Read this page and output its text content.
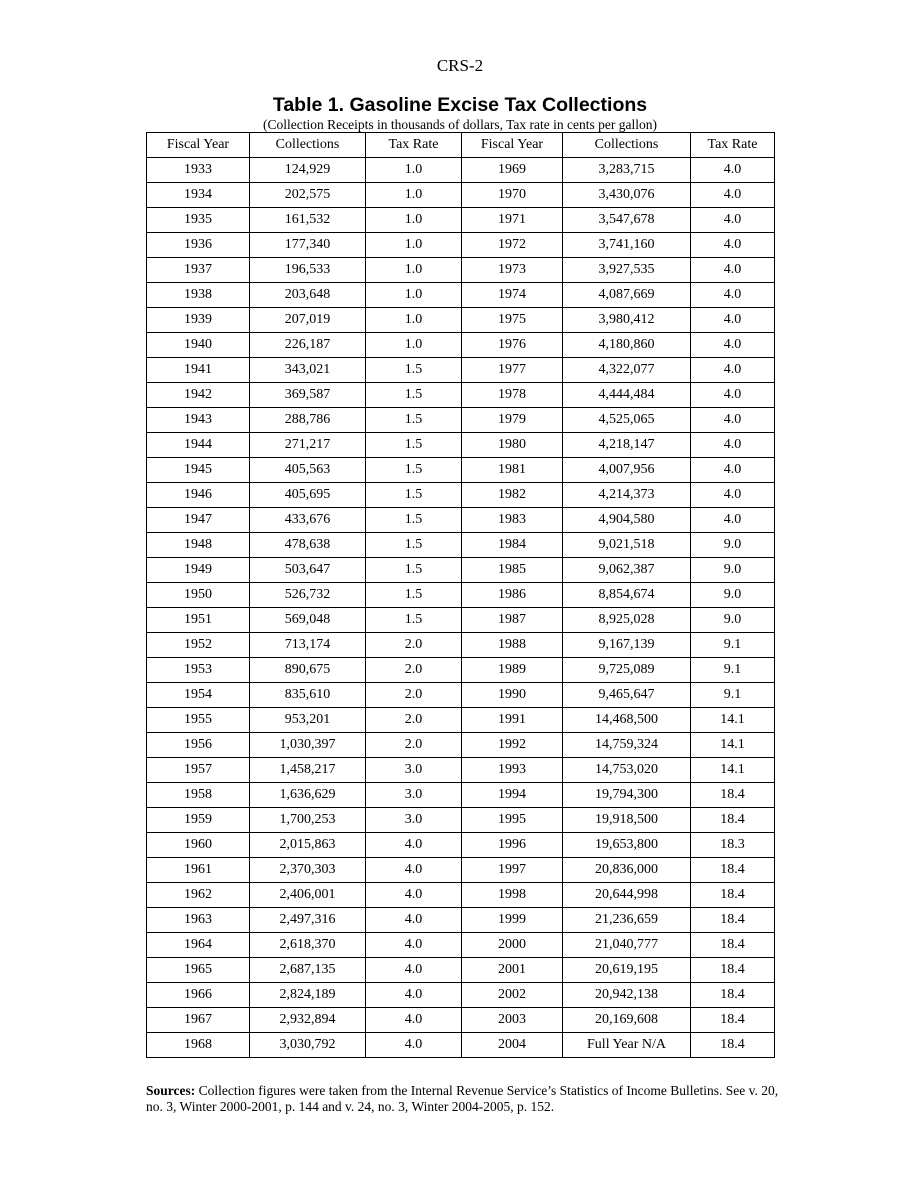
CRS-2
Table 1. Gasoline Excise Tax Collections
(Collection Receipts in thousands of dollars, Tax rate in cents per gallon)
Fiscal Year	Collections	Tax Rate	Fiscal Year	Collections	Tax Rate
1933	124,929	1.0	1969	3,283,715	4.0
1934	202,575	1.0	1970	3,430,076	4.0
1935	161,532	1.0	1971	3,547,678	4.0
1936	177,340	1.0	1972	3,741,160	4.0
1937	196,533	1.0	1973	3,927,535	4.0
1938	203,648	1.0	1974	4,087,669	4.0
1939	207,019	1.0	1975	3,980,412	4.0
1940	226,187	1.0	1976	4,180,860	4.0
1941	343,021	1.5	1977	4,322,077	4.0
1942	369,587	1.5	1978	4,444,484	4.0
1943	288,786	1.5	1979	4,525,065	4.0
1944	271,217	1.5	1980	4,218,147	4.0
1945	405,563	1.5	1981	4,007,956	4.0
1946	405,695	1.5	1982	4,214,373	4.0
1947	433,676	1.5	1983	4,904,580	4.0
1948	478,638	1.5	1984	9,021,518	9.0
1949	503,647	1.5	1985	9,062,387	9.0
1950	526,732	1.5	1986	8,854,674	9.0
1951	569,048	1.5	1987	8,925,028	9.0
1952	713,174	2.0	1988	9,167,139	9.1
1953	890,675	2.0	1989	9,725,089	9.1
1954	835,610	2.0	1990	9,465,647	9.1
1955	953,201	2.0	1991	14,468,500	14.1
1956	1,030,397	2.0	1992	14,759,324	14.1
1957	1,458,217	3.0	1993	14,753,020	14.1
1958	1,636,629	3.0	1994	19,794,300	18.4
1959	1,700,253	3.0	1995	19,918,500	18.4
1960	2,015,863	4.0	1996	19,653,800	18.3
1961	2,370,303	4.0	1997	20,836,000	18.4
1962	2,406,001	4.0	1998	20,644,998	18.4
1963	2,497,316	4.0	1999	21,236,659	18.4
1964	2,618,370	4.0	2000	21,040,777	18.4
1965	2,687,135	4.0	2001	20,619,195	18.4
1966	2,824,189	4.0	2002	20,942,138	18.4
1967	2,932,894	4.0	2003	20,169,608	18.4
1968	3,030,792	4.0	2004	Full Year N/A	18.4
Sources: Collection figures were taken from the Internal Revenue Service’s Statistics of Income Bulletins. See v. 20, no. 3, Winter 2000-2001, p. 144 and v. 24, no. 3, Winter 2004-2005, p. 152.
